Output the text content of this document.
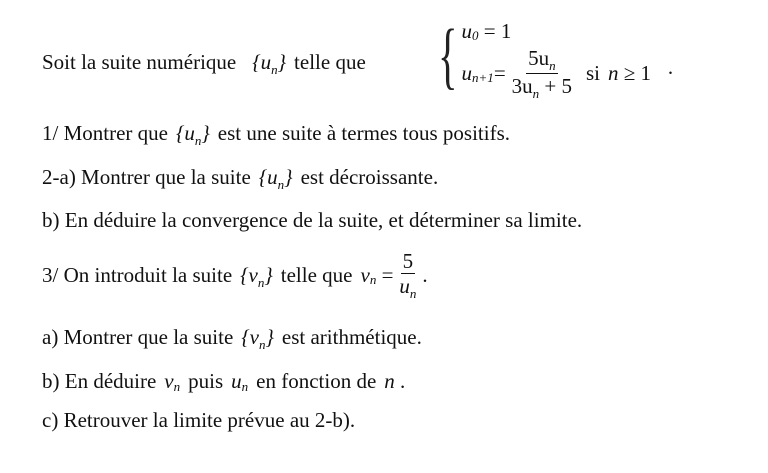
Soit la suite numérique $\{u_n\}$ telle que { u 0
= 1
u $n+1 = \frac{5u_n}{3u_n + 5}$ si n
≥ 1 ·
1/ Montrer que $\{u_n\}$ est une suite à termes tous positifs.
2-a) Montrer que la suite $\{u_n\}$ est décroissante.
b) En déduire la convergence de la suite, et déterminer sa limite.
3/ On introduit la suite $\{v_n\}$ telle que v n
= $\frac{5}{u_n}$ .
a) Montrer que la suite $\{v_n\}$ est arithmétique.
b) En déduire v n puis u n en fonction de n
.
c) Retrouver la limite prévue au 2-b).
